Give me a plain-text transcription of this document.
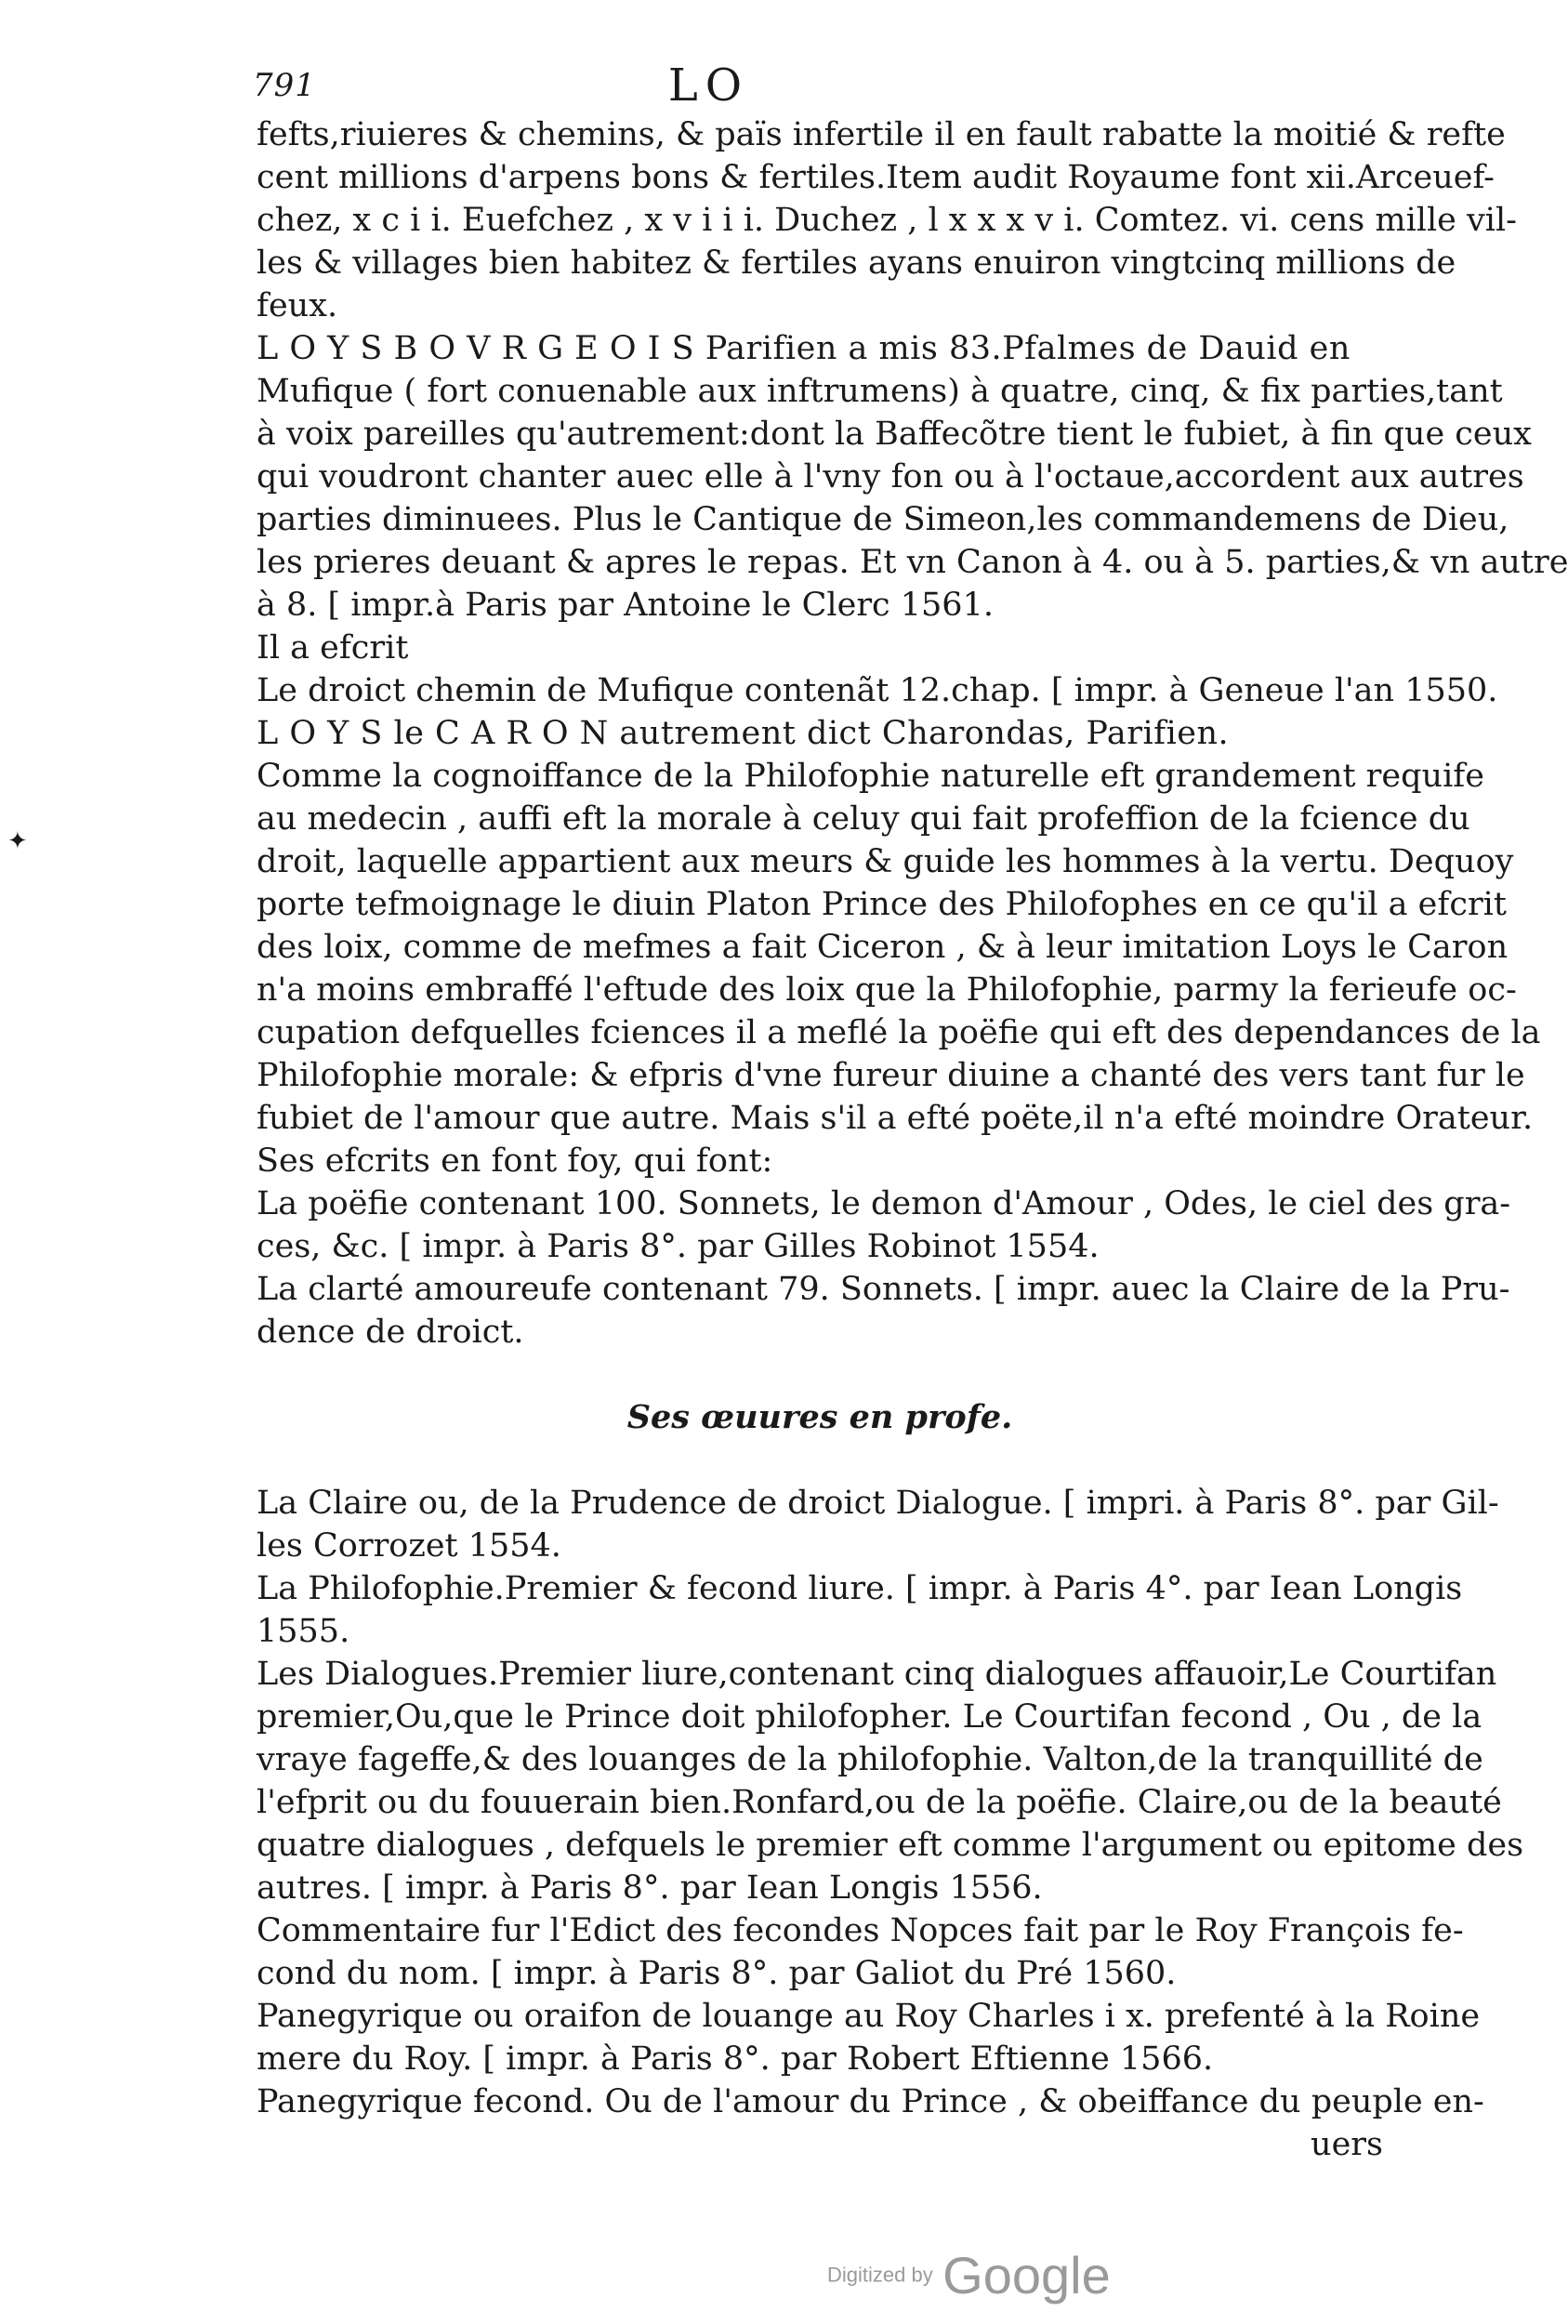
791	LO
✦
fefts,riuieres & chemins, & païs infertile il en fault rabatte la moitié & refte
cent millions d'arpens bons & fertiles.Item audit Royaume font xii.Arceuef-
chez, x c i i. Euefchez , x v i i i. Duchez , l x x x v i. Comtez. vi. cens mille vil-
les & villages bien habitez & fertiles ayans enuiron vingtcinq millions de
feux.
L O Y S B O V R G E O I S Parifien a mis 83.Pfalmes de Dauid en
Mufique ( fort conuenable aux inftrumens) à quatre, cinq, & fix parties,tant
à voix pareilles qu'autrement:dont la Baffecõtre tient le fubiet, à fin que ceux
qui voudront chanter auec elle à l'vny fon ou à l'octaue,accordent aux autres
parties diminuees. Plus le Cantique de Simeon,les commandemens de Dieu,
les prieres deuant & apres le repas. Et vn Canon à 4. ou à 5. parties,& vn autre
à 8. [ impr.à Paris par Antoine le Clerc 1561.
Il a efcrit
Le droict chemin de Mufique contenãt 12.chap. [ impr. à Geneue l'an 1550.
L O Y S le C A R O N autrement dict Charondas, Parifien.
Comme la cognoiffance de la Philofophie naturelle eft grandement requife
au medecin , auffi eft la morale à celuy qui fait profeffion de la fcience du
droit, laquelle appartient aux meurs & guide les hommes à la vertu. Dequoy
porte tefmoignage le diuin Platon Prince des Philofophes en ce qu'il a efcrit
des loix, comme de mefmes a fait Ciceron , & à leur imitation Loys le Caron
n'a moins embraffé l'eftude des loix que la Philofophie, parmy la ferieufe oc-
cupation defquelles fciences il a meflé la poëfie qui eft des dependances de la
Philofophie morale: & efpris d'vne fureur diuine a chanté des vers tant fur le
fubiet de l'amour que autre. Mais s'il a efté poëte,il n'a efté moindre Orateur.
Ses efcrits en font foy, qui font:
La poëfie contenant 100. Sonnets, le demon d'Amour , Odes, le ciel des gra-
ces, &c. [ impr. à Paris 8°. par Gilles Robinot 1554.
La clarté amoureufe contenant 79. Sonnets. [ impr. auec la Claire de la Pru-
dence de droict.
Ses œuures en profe.
La Claire ou, de la Prudence de droict Dialogue. [ impri. à Paris 8°. par Gil-
les Corrozet 1554.
La Philofophie.Premier & fecond liure. [ impr. à Paris 4°. par Iean Longis
1555.
Les Dialogues.Premier liure,contenant cinq dialogues affauoir,Le Courtifan
premier,Ou,que le Prince doit philofopher. Le Courtifan fecond , Ou , de la
vraye fageffe,& des louanges de la philofophie. Valton,de la tranquillité de
l'efprit ou du fouuerain bien.Ronfard,ou de la poëfie. Claire,ou de la beauté
quatre dialogues , defquels le premier eft comme l'argument ou epitome des
autres. [ impr. à Paris 8°. par Iean Longis 1556.
Commentaire fur l'Edict des fecondes Nopces fait par le Roy François fe-
cond du nom. [ impr. à Paris 8°. par Galiot du Pré 1560.
Panegyrique ou oraifon de louange au Roy Charles i x. prefenté à la Roine
mere du Roy. [ impr. à Paris 8°. par Robert Eftienne 1566.
Panegyrique fecond. Ou de l'amour du Prince , & obeiffance du peuple en-
uers
Digitized by Google
